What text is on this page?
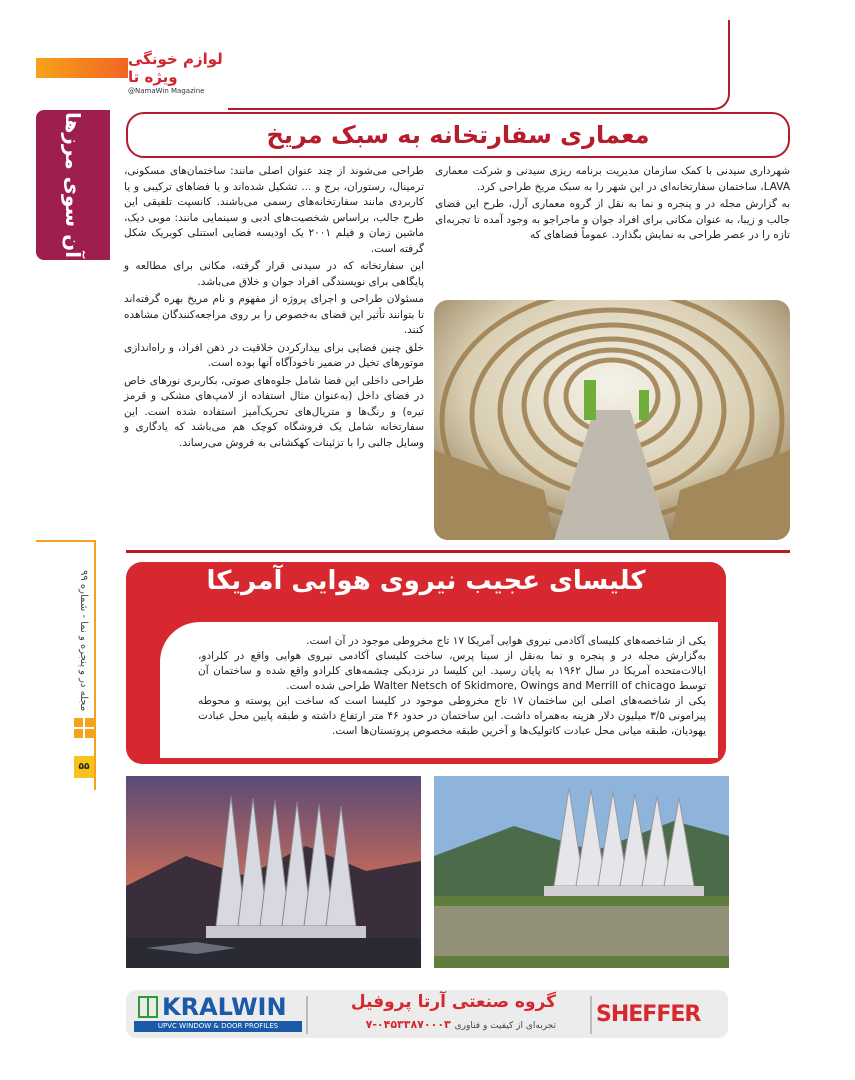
لوازم خونگی ویژه تا
@NamaWin Magazine
آن سوی مرزها
مجله در و پنجره و نما - شماره ۹۹
۵۵
معماری سفارتخانه به سبک مریخ

شهرداری سیدنی با کمک سازمان مدیریت برنامه ریزی سیدنی و شرکت معماری LAVA، ساختمان سفارتخانه‌ای در این شهر را به سبک مریخ طراحی کرد.

به گزارش مجله در و پنجره و نما به نقل از گروه معماری آرل، طرح این فضای جالب و زیبا، به عنوان مکانی برای افراد جوان و ماجراجو به وجود آمده تا تجربه‌ای تازه را در عصر طراحی به نمایش بگذارد. عموماً فضاهای که

طراحی می‌شوند از چند عنوان اصلی مانند: ساختمان‌های مسکونی، ترمینال، رستوران، برج و ... تشکیل شده‌اند و یا فضاهای ترکیبی و یا کاربردی مانند سفارتخانه‌های رسمی می‌باشند. کانسپت تلفیقی این طرح جالب، براساس شخصیت‌های ادبی و سینمایی مانند: موبی دیک، ماشین زمان و فیلم ۲۰۰۱ یک اودیسه فضایی استنلی کوبریک شکل گرفته است.

این سفارتخانه که در سیدنی قرار گرفته، مکانی برای مطالعه و پایگاهی برای نویسندگی افراد جوان و خلاق می‌باشد.

مسئولان طراحی و اجرای پروژه از مفهوم و نام مریخ بهره گرفته‌اند تا بتوانند تأثیر این فضای به‌خصوص را بر روی مراجعه‌کنندگان مشاهده کنند.

خلق چنین فضایی برای بیدارکردن خلاقیت در ذهن افراد، و راه‌اندازی موتورهای تخیل در ضمیر ناخودآگاه آنها بوده است.

طراحی داخلی این فضا شامل جلوه‌های صوتی، بکاربری نورهای خاص در فضای داخل (به‌عنوان مثال استفاده از لامپ‌های مشکی و قرمز تیره) و رنگ‌ها و متریال‌های تحریک‌آمیز استفاده شده است. این سفارتخانه شامل یک فروشگاه کوچک هم می‌باشد که یادگاری و وسایل جالبی را با تزئینات کهکشانی به فروش می‌رساند.

کلیسای عجیب نیروی هوایی آمریکا

یکی از شاخصه‌های کلیسای آکادمی نیروی هوایی آمریکا ۱۷ تاج مخروطی موجود در آن است.

به‌گزارش مجله در و پنجره و نما به‌نقل از سینا پرس، ساخت کلیسای آکادمی نیروی هوایی واقع در کلرادو، ایالات‌متحده آمریکا در سال ۱۹۶۲ به پایان رسید. این کلیسا در نزدیکی چشمه‌های کلرادو واقع شده و ساختمان آن توسط Walter Netsch of Skidmore, Owings and Merrill of chicago طراحی شده است.

یکی از شاخصه‌های اصلی این ساختمان ۱۷ تاج مخروطی موجود در کلیسا است که ساخت این پوسته و محوطه پیرامونی ۳/۵ میلیون دلار هزینه به‌همراه داشت. این ساختمان در حدود ۴۶ متر ارتفاع داشته و طبقه پایین محل عبادت یهودیان، طبقه میانی محل عبادت کاتولیک‌ها و آخرین طبقه مخصوص پروتستان‌ها است.

SHEFFER
گروه صنعتی آرتا پروفیل
تجربه‌ای از کیفیت و فناوری ۰۴۵۳۳۸۷۰۰۰۳-۷
KRALWIN
UPVC WINDOW & DOOR PROFILES
